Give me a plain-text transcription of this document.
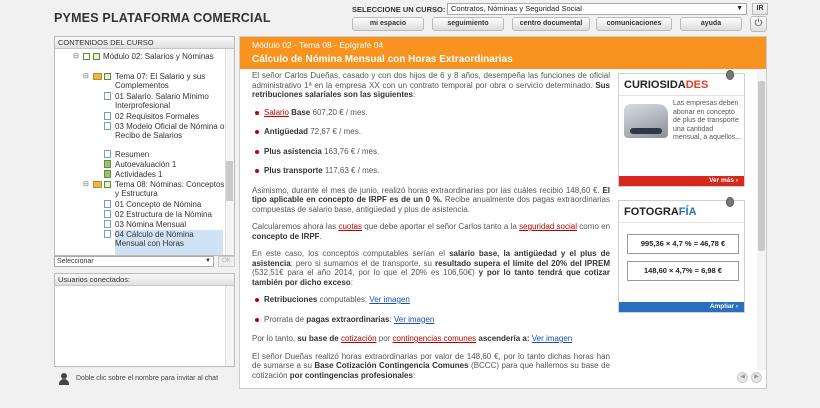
PYMES PLATAFORMA COMERCIAL
SELECCIONE UN CURSO: Contratos, Nóminas y Seguridad Social	▼	IR
mi espacio	seguimiento	centro documental	comunicaciones	ayuda	⏻
CONTENIDOS DEL CURSO
⊟	Módulo 02: Salarios y Nóminas
⊟	Tema 07: El Salario y sus Complementos
01 Salario. Salario Mínimo Interprofesional
02 Requisitos Formales
03 Modelo Oficial de Nómina o Recibo de Salarios
Resumen
Autoevaluación 1
Actividades 1
⊟	Tema 08: Nóminas: Conceptos y Estructura
01 Concepto de Nómina
02 Estructura de la Nómina
03 Nómina Mensual
04 Cálculo de Nómina Mensual con Horas
Seleccionar	▼	OK
Usuarios conectados:
Doble clic sobre el nombre para invitar al chat
Módulo 02 - Tema 08 - Epígrafe 04
Cálculo de Nómina Mensual con Horas Extraordinarias

El señor Carlos Dueñas, casado y con dos hijos de 6 y 8 años, desempeña las funciones de oficial administrativo 1ª en la empresa XX con un contrato temporal por obra o servicio determinado. Sus retribuciones salariales son las siguientes:

Salario Base 607,20 € / mes.
Antigüedad 72,67 € / mes.
Plus asistencia 163,76 € / mes.
Plus transporte 117,63 € / mes.

Asimismo, durante el mes de junio, realizó horas extraordinarias por las cuáles recibió 148,60 €. El tipo aplicable en concepto de IRPF es de un 0 %. Recibe anualmente dos pagas extraordinarias compuestas de salario base, antigüedad y plus de asistencia.

Calcularemos ahora las cuotas que debe aportar el señor Carlos tanto a la seguridad social como en concepto de IRPF.

En este caso, los conceptos computables serían el salario base, la antigüedad y el plus de asistencia; pero si sumamos el de transporte, su resultado supera el límite del 20% del IPREM (532,51€ para el año 2014, por lo que el 20% es 106,50€) y por lo tanto tendrá que cotizar también por dicho exceso:

Retribuciones computables: Ver imagen
Prorrata de pagas extraordinarias: Ver imagen

Por lo tanto, su base de cotización por contingencias comunes ascendería a: Ver imagen

El señor Dueñas realizó horas extraordinarias por valor de 148,60 €, por lo tanto dichas horas han de sumarse a su Base Cotización Contingencia Comunes (BCCC) para que hallemos su base de cotización por contingencias profesionales:

CURIOSIDADES
Las empresas deben abonar en concepto de plus de transporte una cantidad mensual, a aquellos...
Ver más ›
FOTOGRAFÍA
995,36 × 4,7 % = 46,78 €
148,60 × 4,7% = 6,98 €
Ampliar ›
◀	▶
